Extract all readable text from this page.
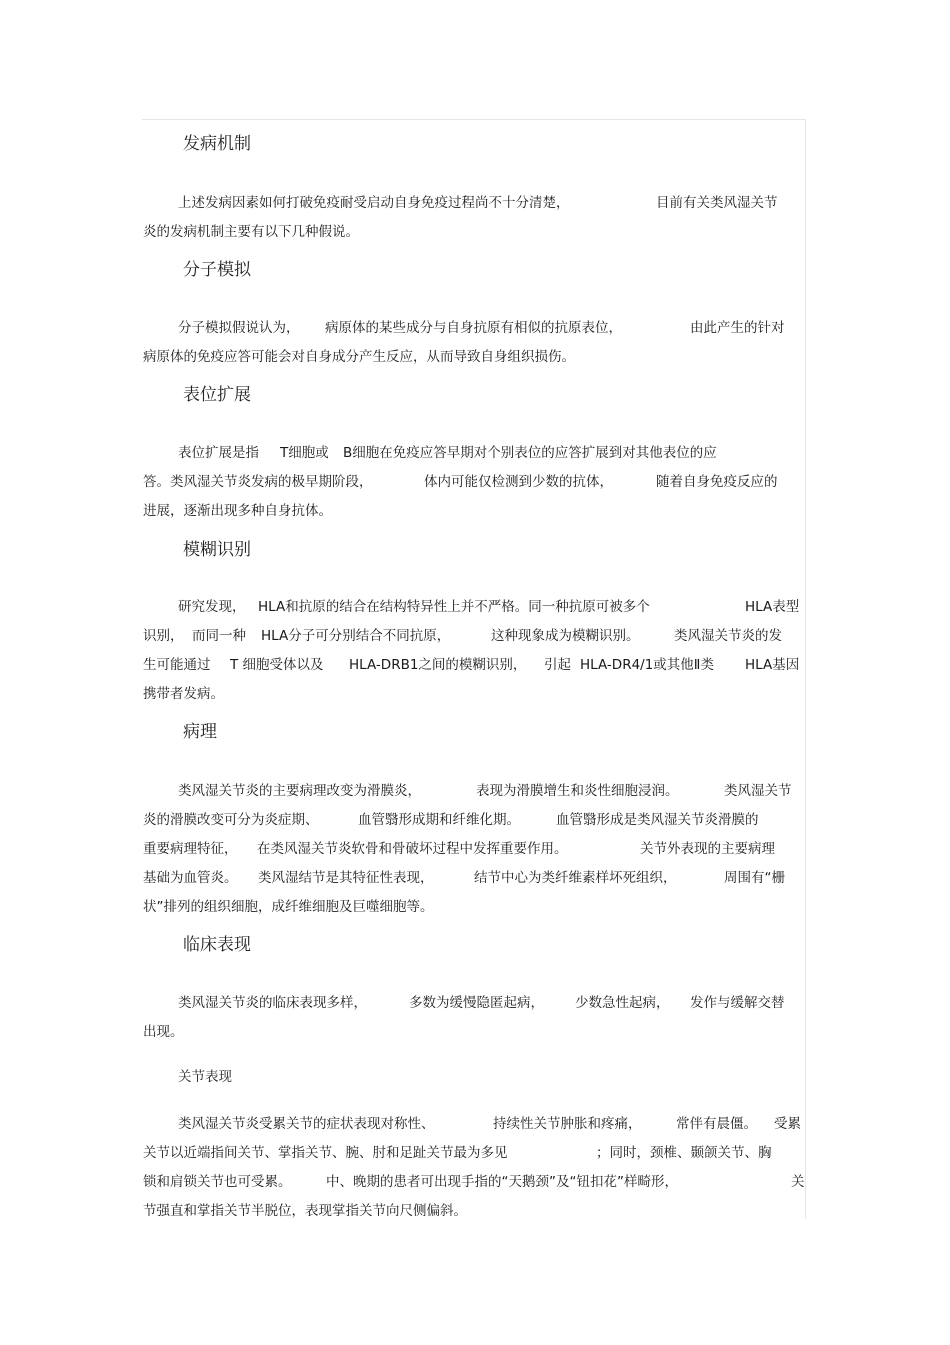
发病机制
上述发病因素如何打破免疫耐受启动自身免疫过程尚不十分清楚，	目前有关类风湿关节
炎的发病机制主要有以下几种假说。
分子模拟
分子模拟假说认为， 病原体的某些成分与自身抗原有相似的抗原表位，	由此产生的针对
病原体的免疫应答可能会对自身成分产生反应，从而导致自身组织损伤。
表位扩展
表位扩展是指 T细胞或 B细胞在免疫应答早期对个别表位的应答扩展到对其他表位的应
答。类风湿关节炎发病的极早期阶段，	体内可能仅检测到少数的抗体，	随着自身免疫反应的
进展，逐渐出现多种自身抗体。
模糊识别
研究发现， HLA和抗原的结合在结构特异性上并不严格。同一种抗原可被多个	HLA表型
识别， 而同一种 HLA分子可分别结合不同抗原，	这种现象成为模糊识别。	类风湿关节炎的发
生可能通过 T 细胞受体以及 HLA-DRB1之间的模糊识别， 引起 HLA-DR4/1或其他Ⅱ类 HLA基因
携带者发病。
病理
类风湿关节炎的主要病理改变为滑膜炎，	表现为滑膜增生和炎性细胞浸润。	类风湿关节
炎的滑膜改变可分为炎症期、	血管翳形成期和纤维化期。	血管翳形成是类风湿关节炎滑膜的
重要病理特征， 在类风湿关节炎软骨和骨破坏过程中发挥重要作用。	关节外表现的主要病理
基础为血管炎。 类风湿结节是其特征性表现，	结节中心为类纤维素样坏死组织，	周围有“栅
状”排列的组织细胞，成纤维细胞及巨噬细胞等。
临床表现
类风湿关节炎的临床表现多样，	多数为缓慢隐匿起病， 少数急性起病， 发作与缓解交替
出现。
关节表现
类风湿关节炎受累关节的症状表现对称性、	持续性关节肿胀和疼痛，	常伴有晨僵。 受累
关节以近端指间关节、掌指关节、腕、肘和足趾关节最为多见	；同时，颈椎、颞颌关节、胸
锁和肩锁关节也可受累。	中、晚期的患者可出现手指的“天鹅颈”及“钮扣花”样畸形，	关
节强直和掌指关节半脱位，表现掌指关节向尺侧偏斜。
